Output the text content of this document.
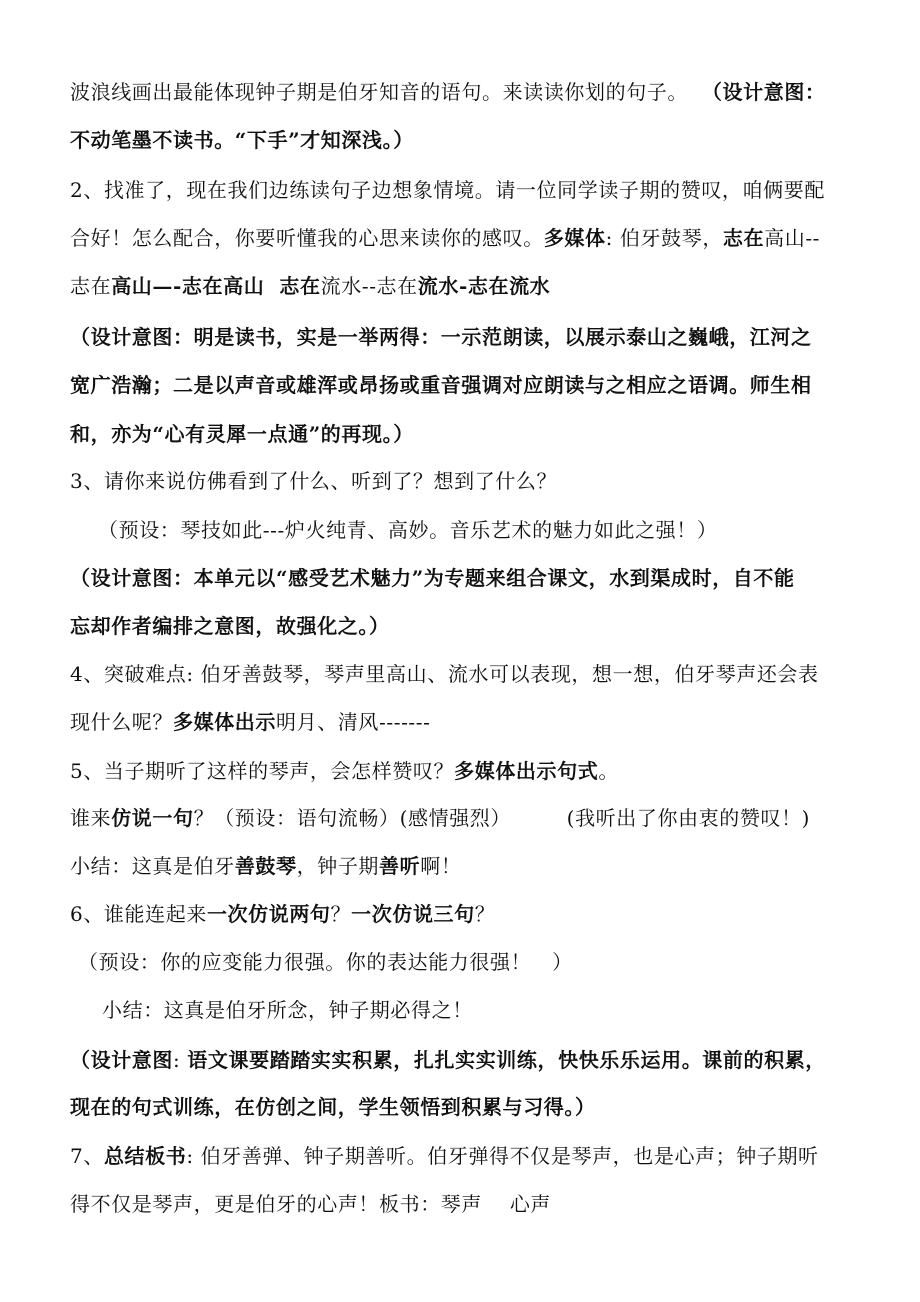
波浪线画出最能体现钟子期是伯牙知音的语句。来读读你划的句子。  （设计意图：
不动笔墨不读书。“下手”才知深浅。）
2、找准了，现在我们边练读句子边想象情境。请一位同学读子期的赞叹，咱俩要配
合好！怎么配合，你要听懂我的心思来读你的感叹。多媒体: 伯牙鼓琴，志在高山--
志在高山—-志在高山  志在流水--志在流水-志在流水
（设计意图：明是读书，实是一举两得：一示范朗读，以展示泰山之巍峨，江河之
宽广浩瀚；二是以声音或雄浑或昂扬或重音强调对应朗读与之相应之语调。师生相
和，亦为“心有灵犀一点通”的再现。）
3、请你来说仿佛看到了什么、听到了？想到了什么？
（预设：琴技如此---炉火纯青、高妙。音乐艺术的魅力如此之强！）
（设计意图：本单元以“感受艺术魅力”为专题来组合课文，水到渠成时，自不能
忘却作者编排之意图，故强化之。）
4、突破难点: 伯牙善鼓琴，琴声里高山、流水可以表现，想一想，伯牙琴声还会表
现什么呢？多媒体出示明月、清风-------
5、当子期听了这样的琴声，会怎样赞叹？多媒体出示句式。
谁来仿说一句？（预设：语句流畅）(感情强烈）        (我听出了你由衷的赞叹！)
小结：这真是伯牙善鼓琴，钟子期善听啊！
6、谁能连起来一次仿说两句？一次仿说三句？
（预设：你的应变能力很强。你的表达能力很强！   ）
小结：这真是伯牙所念，钟子期必得之！
（设计意图: 语文课要踏踏实实积累，扎扎实实训练，快快乐乐运用。课前的积累，
现在的句式训练，在仿创之间，学生领悟到积累与习得。）
7、总结板书: 伯牙善弹、钟子期善听。伯牙弹得不仅是琴声，也是心声；钟子期听
得不仅是琴声，更是伯牙的心声！板书：琴声    心声
